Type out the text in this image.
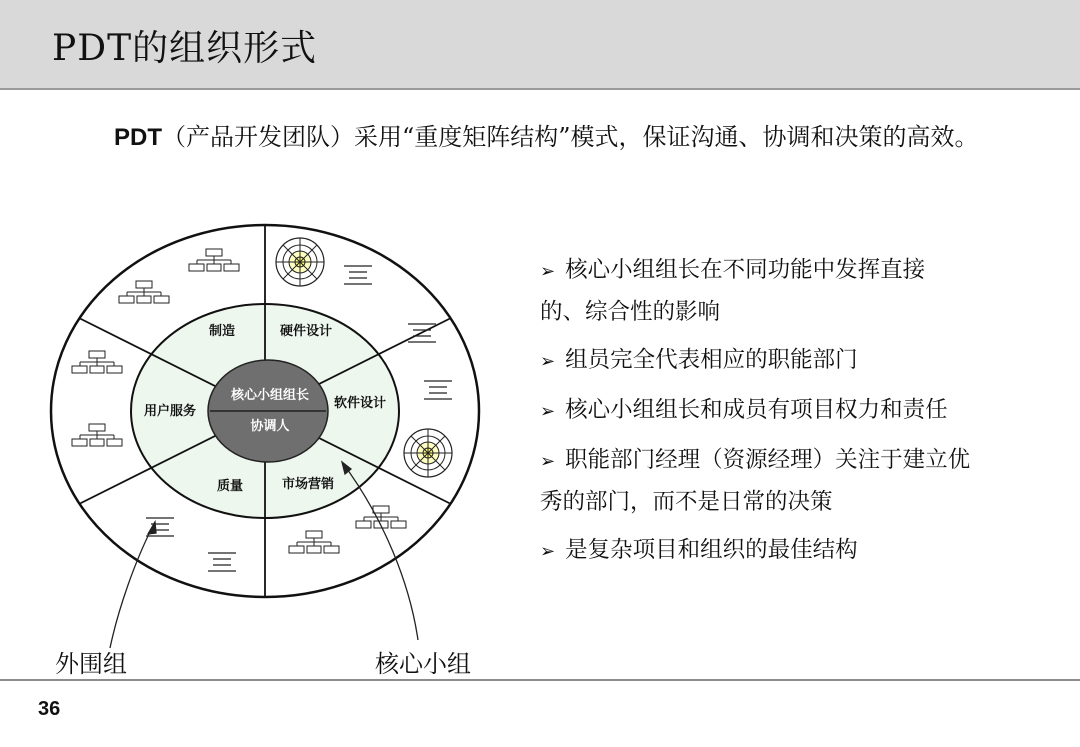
PDT的组织形式
PDT（产品开发团队）采用“重度矩阵结构”模式，保证沟通、协调和决策的高效。
制造	硬件设计
软件设计
市场营销
质量
用户服务
核心小组组长
协调人
外围组	核心小组
➢ 核心小组组长在不同功能中发挥直接
的、综合性的影响
➢ 组员完全代表相应的职能部门
➢ 核心小组组长和成员有项目权力和责任
➢ 职能部门经理（资源经理）关注于建立优
秀的部门，而不是日常的决策
➢ 是复杂项目和组织的最佳结构
36
